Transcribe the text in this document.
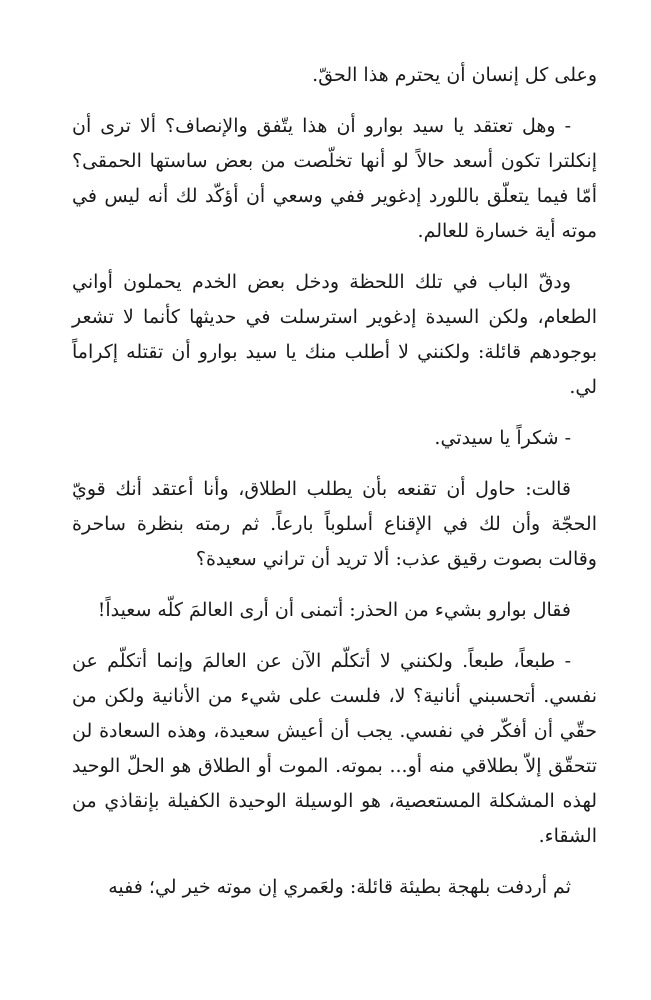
وعلى كل إنسان أن يحترم هذا الحقّ.

- وهل تعتقد يا سيد بوارو أن هذا يتّفق والإنصاف؟ ألا ترى أن إنكلترا تكون أسعد حالاً لو أنها تخلّصت من بعض ساستها الحمقى؟ أمّا فيما يتعلّق باللورد إدغوير ففي وسعي أن أؤكّد لك أنه ليس في موته أية خسارة للعالم.

ودقّ الباب في تلك اللحظة ودخل بعض الخدم يحملون أواني الطعام، ولكن السيدة إدغوير استرسلت في حديثها كأنما لا تشعر بوجودهم قائلة: ولكنني لا أطلب منك يا سيد بوارو أن تقتله إكراماً لي.

- شكراً يا سيدتي.

قالت: حاول أن تقنعه بأن يطلب الطلاق، وأنا أعتقد أنك قويّ الحجّة وأن لك في الإقناع أسلوباً بارعاً. ثم رمته بنظرة ساحرة وقالت بصوت رقيق عذب: ألا تريد أن تراني سعيدة؟

فقال بوارو بشيء من الحذر: أتمنى أن أرى العالمَ كلّه سعيداً!

- طبعاً، طبعاً. ولكنني لا أتكلّم الآن عن العالمَ وإنما أتكلّم عن نفسي. أتحسبني أنانية؟ لا، فلست على شيء من الأنانية ولكن من حقّي أن أفكّر في نفسي. يجب أن أعيش سعيدة، وهذه السعادة لن تتحقّق إلاّ بطلاقي منه أو... بموته. الموت أو الطلاق هو الحلّ الوحيد لهذه المشكلة المستعصية، هو الوسيلة الوحيدة الكفيلة بإنقاذي من الشقاء.

ثم أردفت بلهجة بطيئة قائلة: ولعَمري إن موته خير لي؛ ففيه
